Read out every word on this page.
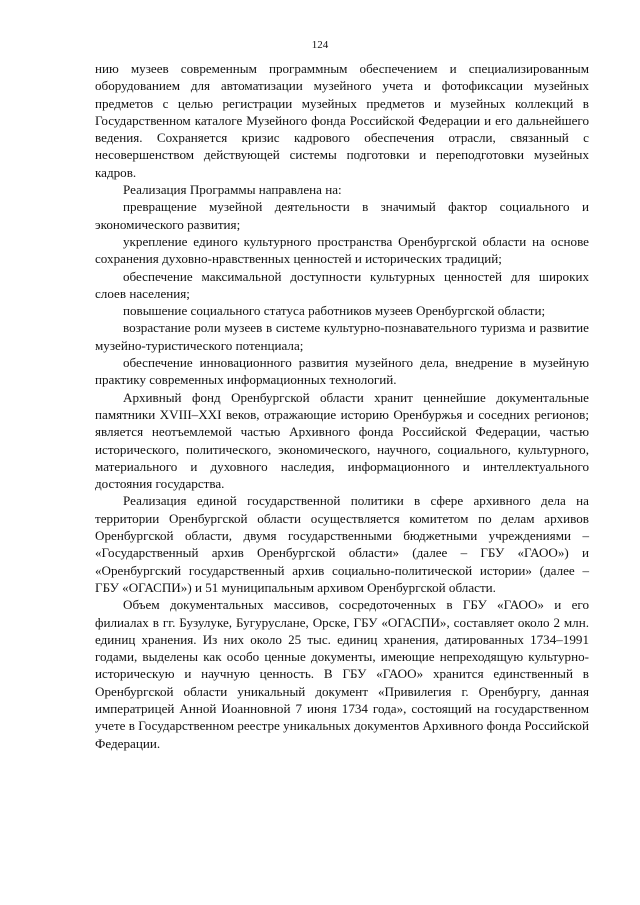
124

нию музеев современным программным обеспечением и специализированным оборудованием для автоматизации музейного учета и фотофиксации музейных предметов с целью регистрации музейных предметов и музейных коллекций в Государственном каталоге Музейного фонда Российской Федерации и его дальнейшего ведения. Сохраняется кризис кадрового обеспечения отрасли, связанный с несовершенством действующей системы подготовки и переподготовки музейных кадров.

Реализация Программы направлена на:

превращение музейной деятельности в значимый фактор социального и экономического развития;

укрепление единого культурного пространства Оренбургской области на основе сохранения духовно-нравственных ценностей и исторических традиций;

обеспечение максимальной доступности культурных ценностей для широких слоев населения;

повышение социального статуса работников музеев Оренбургской области;

возрастание роли музеев в системе культурно-познавательного туризма и развитие музейно-туристического потенциала;

обеспечение инновационного развития музейного дела, внедрение в музейную практику современных информационных технологий.

Архивный фонд Оренбургской области хранит ценнейшие документальные памятники XVIII–XXI веков, отражающие историю Оренбуржья и соседних регионов; является неотъемлемой частью Архивного фонда Российской Федерации, частью исторического, политического, экономического, научного, социального, культурного, материального и духовного наследия, информационного и интеллектуального достояния государства.

Реализация единой государственной политики в сфере архивного дела на территории Оренбургской области осуществляется комитетом по делам архивов Оренбургской области, двумя государственными бюджетными учреждениями – «Государственный архив Оренбургской области» (далее – ГБУ «ГАОО») и «Оренбургский государственный архив социально-политической истории» (далее – ГБУ «ОГАСПИ») и 51 муниципальным архивом Оренбургской области.

Объем документальных массивов, сосредоточенных в ГБУ «ГАОО» и его филиалах в гг. Бузулуке, Бугуруслане, Орске, ГБУ «ОГАСПИ», составляет около 2 млн. единиц хранения. Из них около 25 тыс. единиц хранения, датированных 1734–1991 годами, выделены как особо ценные документы, имеющие непреходящую культурно-историческую и научную ценность. В ГБУ «ГАОО» хранится единственный в Оренбургской области уникальный документ «Привилегия г. Оренбургу, данная императрицей Анной Иоанновной 7 июня 1734 года», состоящий на государственном учете в Государственном реестре уникальных документов Архивного фонда Российской Федерации.
